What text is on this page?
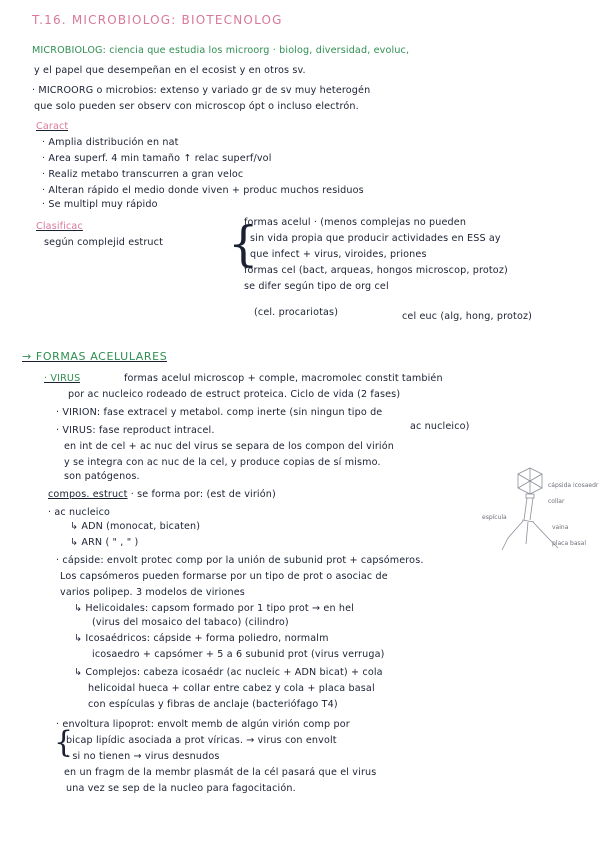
T.16. MICROBIOLOG: BIOTECNOLOG
MICROBIOLOG: ciencia que estudia los microorg · biolog, diversidad, evoluc,
y el papel que desempeñan en el ecosist y en otros sv.
· MICROORG o microbios: extenso y variado gr de sv muy heterogén
que solo pueden ser observ con microscop ópt o incluso electrón.
Caract
· Amplia distribución en nat
· Area superf. 4 min tamaño ↑ relac superf/vol
· Realiz metabo transcurren a gran veloc
· Alteran rápido el medio donde viven + produc muchos residuos
· Se multipl muy rápido
Clasificac
según complejid estruct {
formas acelul · (menos complejas no pueden
sin vida propia que producir actividades en ESS ay
que infect + virus, viroides, priones
formas cel (bact, arqueas, hongos microscop, protoz)
se difer según tipo de org cel
(cel. procariotas)	cel euc (alg, hong, protoz)
→ FORMAS ACELULARES
· VIRUS	formas acelul microscop + comple, macromolec constit también
por ac nucleico rodeado de estruct proteica. Ciclo de vida (2 fases)
· VIRION: fase extracel y metabol. comp inerte (sin ningun tipo de
ac nucleico)
· VIRUS: fase reproduct intracel.
en int de cel + ac nuc del virus se separa de los compon del virión
y se integra con ac nuc de la cel, y produce copias de sí mismo.
son patógenos.
compos. estruct · se forma por: (est de virión)
· ac nucleico
↳ ADN (monocat, bicaten)
↳ ARN ( " , " )
· cápside: envolt protec comp por la unión de subunid prot + capsómeros.
Los capsómeros pueden formarse por un tipo de prot o asociac de
varios polipep. 3 modelos de viriones
↳ Helicoidales: capsom formado por 1 tipo prot → en hel
(virus del mosaico del tabaco) (cilindro)
↳ Icosaédricos: cápside + forma poliedro, normalm
icosaedro + capsómer + 5 a 6 subunid prot (virus verruga)
↳ Complejos: cabeza icosaédr (ac nucleic + ADN bicat) + cola
helicoidal hueca + collar entre cabez y cola + placa basal
con espículas y fibras de anclaje (bacteriófago T4)
· envoltura lipoprot: envolt memb de algún virión comp por
bicap lipídic asociada a prot víricas. → virus con envolt
· si no tienen → virus desnudos
{
en un fragm de la membr plasmát de la cél pasará que el virus
una vez se sep de la nucleo para fagocitación.
cápsida icosaedr
collar
espícula
vaina
placa basal
